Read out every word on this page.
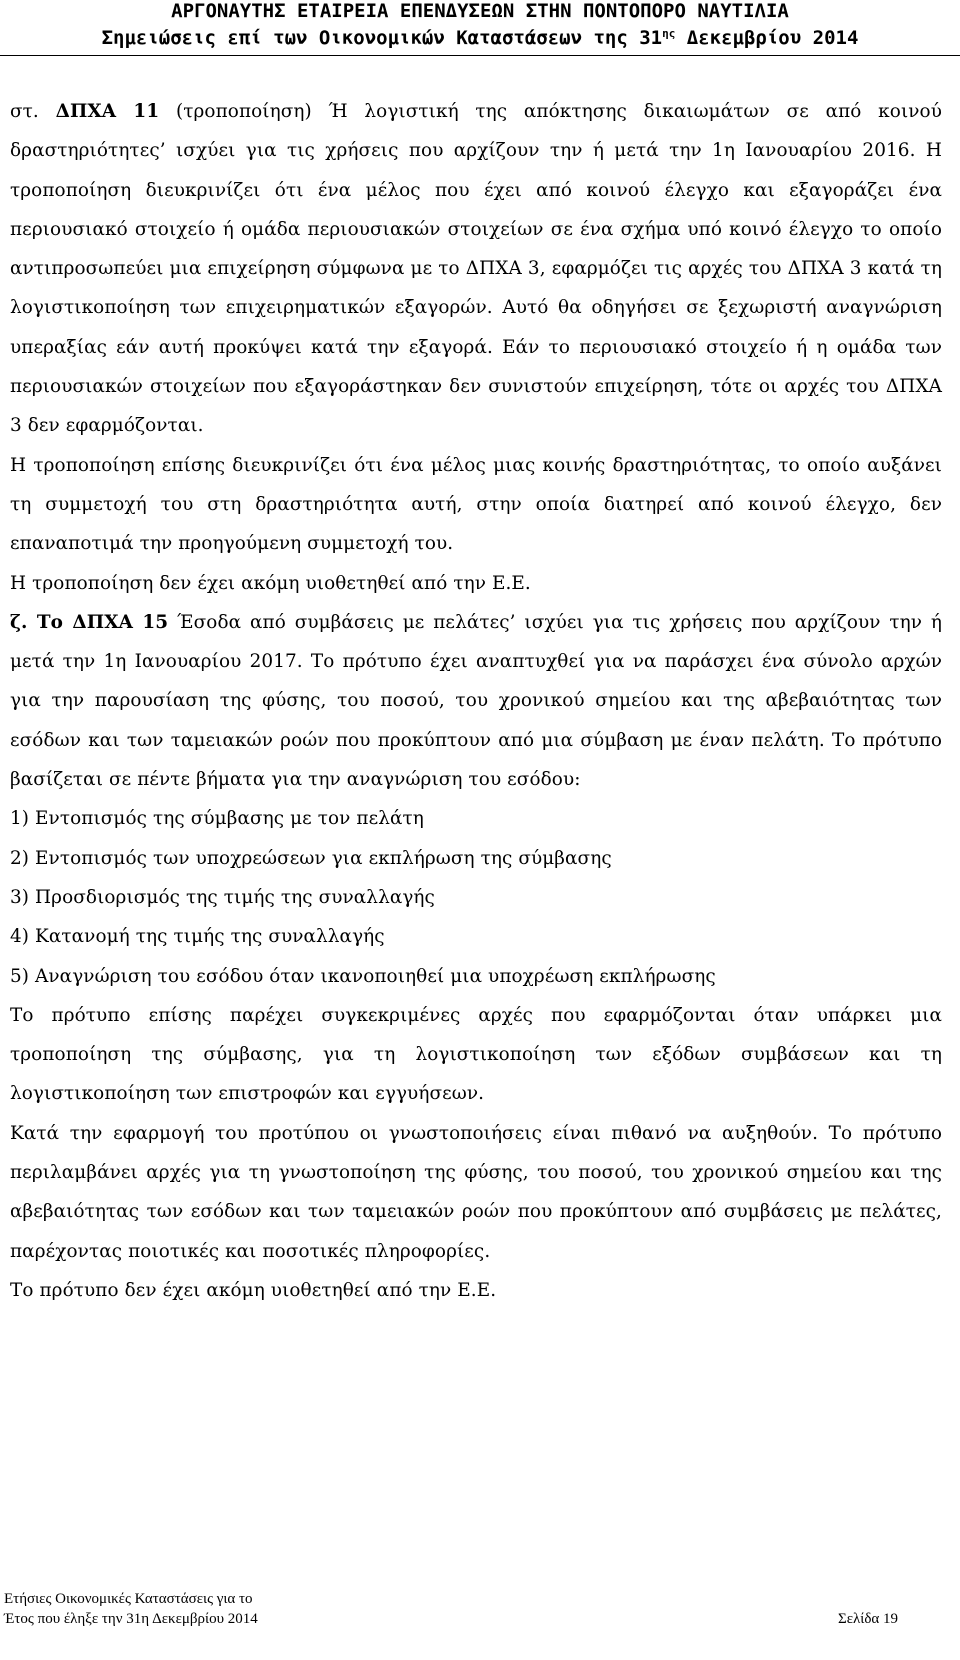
ΑΡΓΟΝΑΥΤΗΣ ΕΤΑΙΡΕΙΑ ΕΠΕΝΔΥΣΕΩΝ ΣΤΗΝ ΠΟΝΤΟΠΟΡΟ ΝΑΥΤΙΛΙΑ
Σημειώσεις επί των Οικονομικών Καταστάσεων της $31^{\eta\varsigma}$ Δεκεμβρίου 2014

στ. ΔΠΧΑ 11 (τροποποίηση) Ή λογιστική της απόκτησης δικαιωμάτων σε από κοινού δραστηριότητες’ ισχύει για τις χρήσεις που αρχίζουν την ή μετά την 1η Ιανουαρίου 2016. Η τροποποίηση διευκρινίζει ότι ένα μέλος που έχει από κοινού έλεγχο και εξαγοράζει ένα περιουσιακό στοιχείο ή ομάδα περιουσιακών στοιχείων σε ένα σχήμα υπό κοινό έλεγχο το οποίο αντιπροσωπεύει μια επιχείρηση σύμφωνα με το ΔΠΧΑ 3, εφαρμόζει τις αρχές του ΔΠΧΑ 3 κατά τη λογιστικοποίηση των επιχειρηματικών εξαγορών. Αυτό θα οδηγήσει σε ξεχωριστή αναγνώριση υπεραξίας εάν αυτή προκύψει κατά την εξαγορά. Εάν το περιουσιακό στοιχείο ή η ομάδα των περιουσιακών στοιχείων που εξαγοράστηκαν δεν συνιστούν επιχείρηση, τότε οι αρχές του ΔΠΧΑ 3 δεν εφαρμόζονται.

Η τροποποίηση επίσης διευκρινίζει ότι ένα μέλος μιας κοινής δραστηριότητας, το οποίο αυξάνει τη συμμετοχή του στη δραστηριότητα αυτή, στην οποία διατηρεί από κοινού έλεγχο, δεν επαναποτιμά την προηγούμενη συμμετοχή του.

Η τροποποίηση δεν έχει ακόμη υιοθετηθεί από την Ε.Ε.

ζ. Το ΔΠΧΑ 15 Έσοδα από συμβάσεις με πελάτες’ ισχύει για τις χρήσεις που αρχίζουν την ή μετά την 1η Ιανουαρίου 2017. Το πρότυπο έχει αναπτυχθεί για να παράσχει ένα σύνολο αρχών για την παρουσίαση της φύσης, του ποσού, του χρονικού σημείου και της αβεβαιότητας των εσόδων και των ταμειακών ροών που προκύπτουν από μια σύμβαση με έναν πελάτη. Το πρότυπο βασίζεται σε πέντε βήματα για την αναγνώριση του εσόδου:

1) Εντοπισμός της σύμβασης με τον πελάτη

2) Εντοπισμός των υποχρεώσεων για εκπλήρωση της σύμβασης

3) Προσδιορισμός της τιμής της συναλλαγής

4) Κατανομή της τιμής της συναλλαγής

5) Αναγνώριση του εσόδου όταν ικανοποιηθεί μια υποχρέωση εκπλήρωσης

Το πρότυπο επίσης παρέχει συγκεκριμένες αρχές που εφαρμόζονται όταν υπάρκει μια τροποποίηση της σύμβασης, για τη λογιστικοποίηση των εξόδων συμβάσεων και τη λογιστικοποίηση των επιστροφών και εγγυήσεων.

Κατά την εφαρμογή του προτύπου οι γνωστοποιήσεις είναι πιθανό να αυξηθούν. Το πρότυπο περιλαμβάνει αρχές για τη γνωστοποίηση της φύσης, του ποσού, του χρονικού σημείου και της αβεβαιότητας των εσόδων και των ταμειακών ροών που προκύπτουν από συμβάσεις με πελάτες, παρέχοντας ποιοτικές και ποσοτικές πληροφορίες.

Το πρότυπο δεν έχει ακόμη υιοθετηθεί από την Ε.Ε.

Ετήσιες Οικονομικές Καταστάσεις για το
Έτος που έληξε την 31η Δεκεμβρίου 2014	Σελίδα 19
